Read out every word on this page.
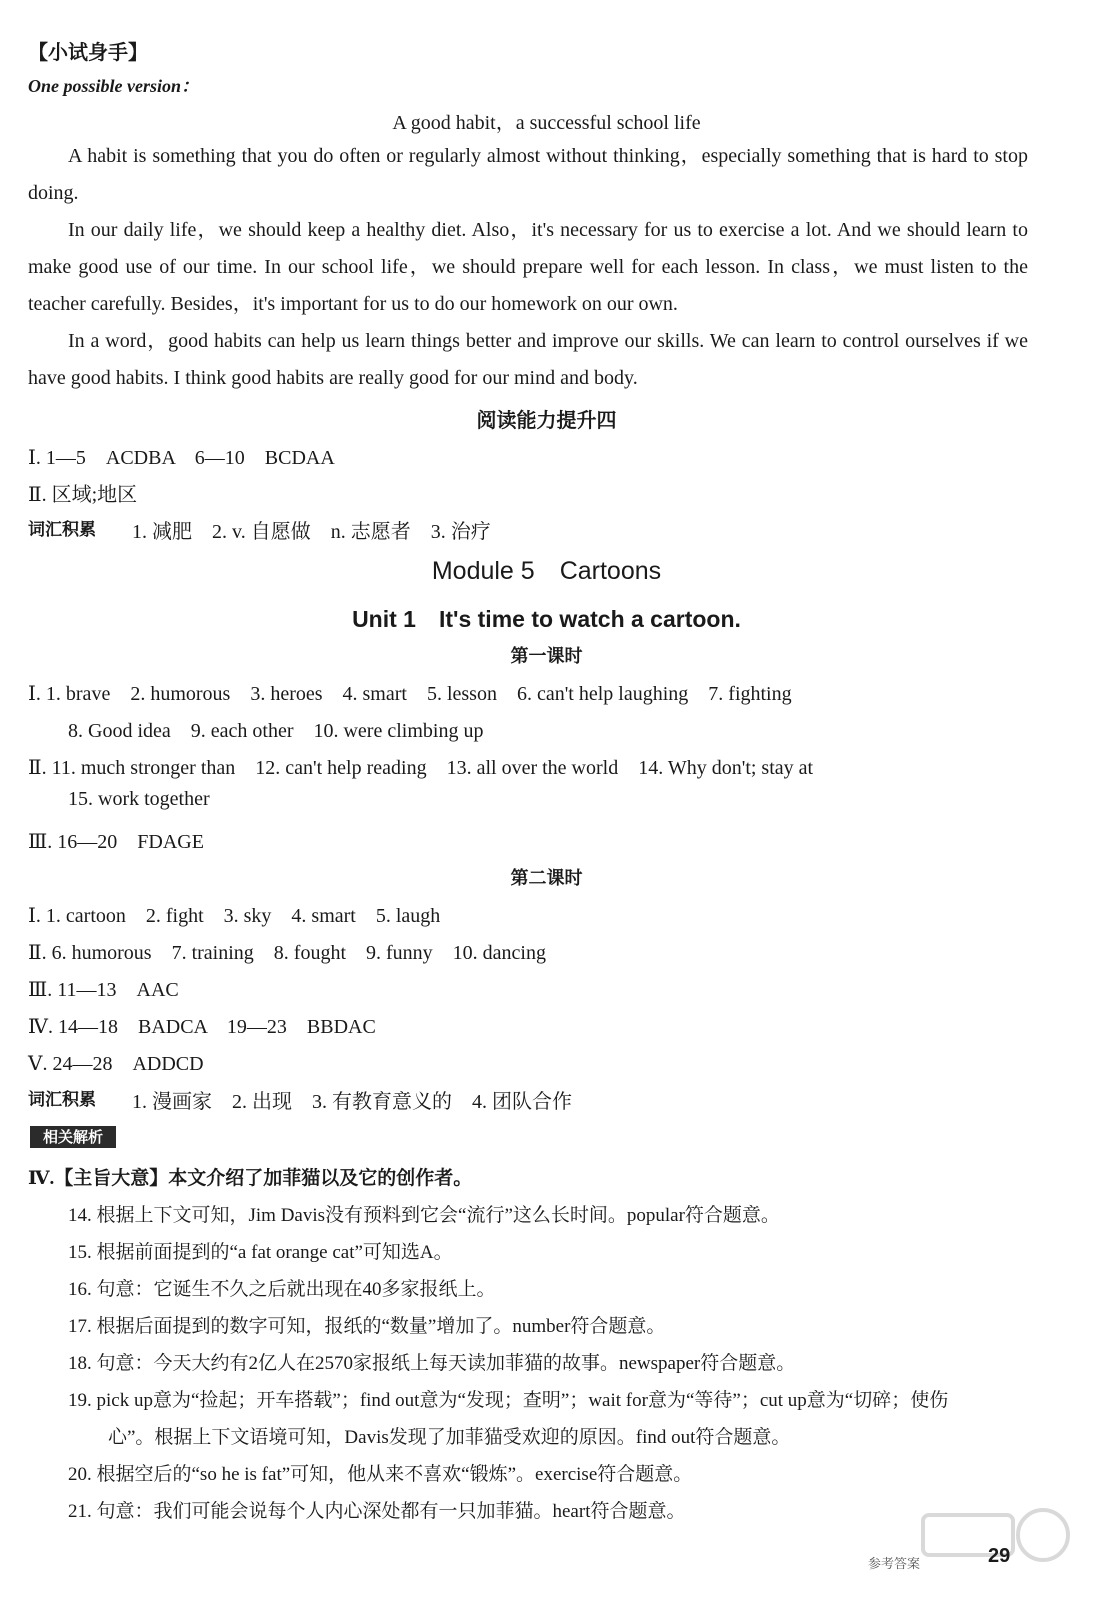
【小试身手】
One possible version：
A good habit，a successful school life

A habit is something that you do often or regularly almost without thinking，especially something that is hard to stop doing.

In our daily life，we should keep a healthy diet. Also，it's necessary for us to exercise a lot. And we should learn to make good use of our time. In our school life，we should prepare well for each lesson. In class，we must listen to the teacher carefully. Besides，it's important for us to do our homework on our own.

In a word，good habits can help us learn things better and improve our skills. We can learn to control ourselves if we have good habits. I think good habits are really good for our mind and body.

阅读能力提升四
Ⅰ. 1—5　ACDBA　6—10　BCDAA
Ⅱ. 区域;地区
词汇积累 1. 减肥　2. v. 自愿做　n. 志愿者　3. 治疗
Module 5　Cartoons
Unit 1　It's time to watch a cartoon.
第一课时
Ⅰ. 1. brave　2. humorous　3. heroes　4. smart　5. lesson　6. can't help laughing　7. fighting
8. Good idea　9. each other　10. were climbing up
Ⅱ. 11. much stronger than　12. can't help reading　13. all over the world　14. Why don't; stay at
15. work together
Ⅲ. 16—20　FDAGE
第二课时
Ⅰ. 1. cartoon　2. fight　3. sky　4. smart　5. laugh
Ⅱ. 6. humorous　7. training　8. fought　9. funny　10. dancing
Ⅲ. 11—13　AAC
Ⅳ. 14—18　BADCA　19—23　BBDAC
Ⅴ. 24—28　ADDCD
词汇积累 1. 漫画家　2. 出现　3. 有教育意义的　4. 团队合作
相关解析
Ⅳ.【主旨大意】本文介绍了加菲猫以及它的创作者。
14. 根据上下文可知，Jim Davis没有预料到它会“流行”这么长时间。popular符合题意。
15. 根据前面提到的“a fat orange cat”可知选A。
16. 句意：它诞生不久之后就出现在40多家报纸上。
17. 根据后面提到的数字可知，报纸的“数量”增加了。number符合题意。
18. 句意：今天大约有2亿人在2570家报纸上每天读加菲猫的故事。newspaper符合题意。
19. pick up意为“捡起；开车搭载”；find out意为“发现；查明”；wait for意为“等待”；cut up意为“切碎；使伤
心”。根据上下文语境可知，Davis发现了加菲猫受欢迎的原因。find out符合题意。
20. 根据空后的“so he is fat”可知，他从来不喜欢“锻炼”。exercise符合题意。
21. 句意：我们可能会说每个人内心深处都有一只加菲猫。heart符合题意。
参考答案	29
